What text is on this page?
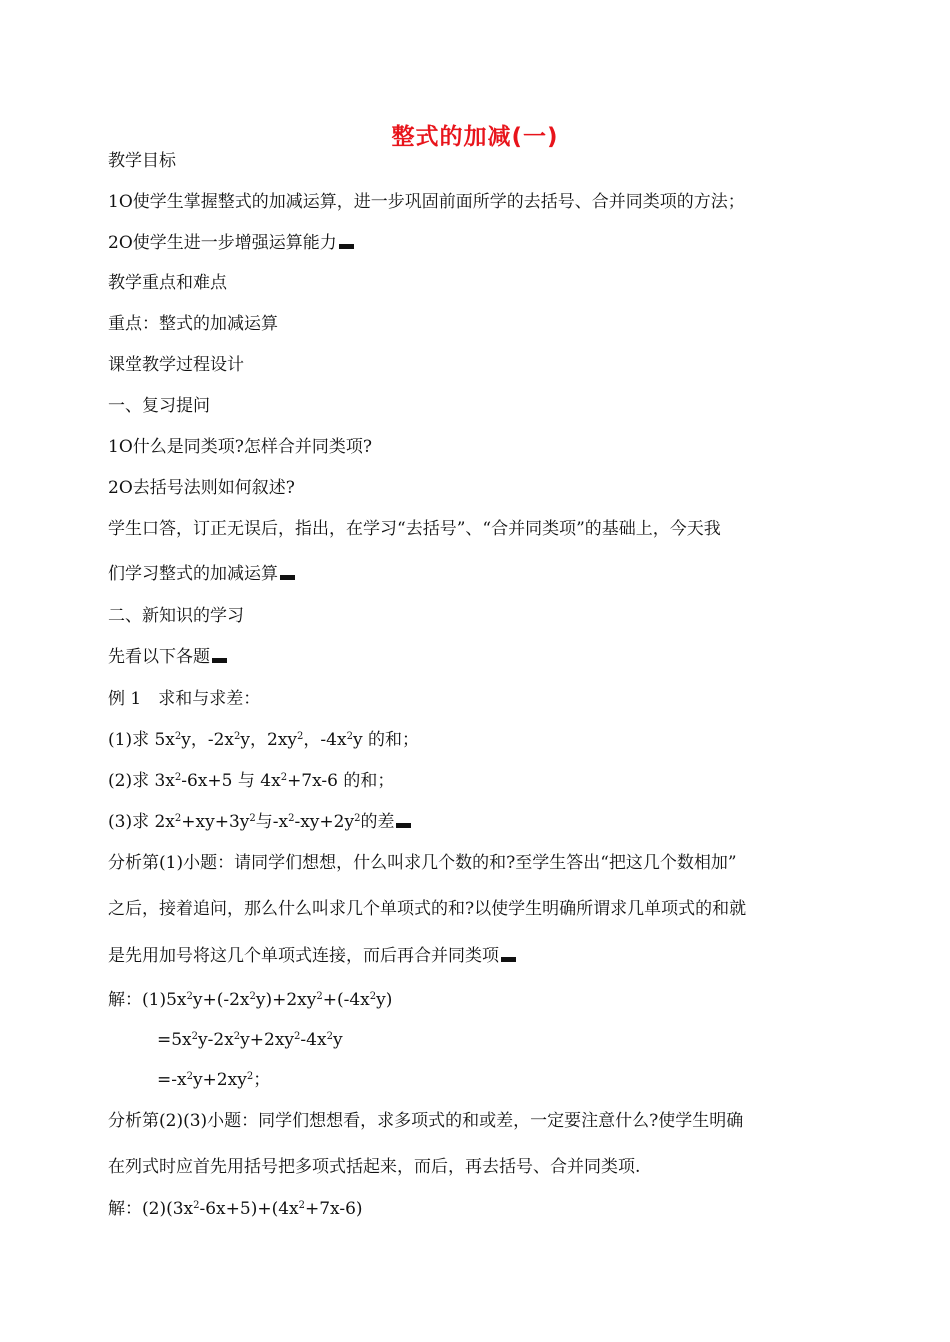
整式的加减(一)
教学目标
1O使学生掌握整式的加减运算，进一步巩固前面所学的去括号、合并同类项的方法；
2O使学生进一步增强运算能力
教学重点和难点
重点：整式的加减运算
课堂教学过程设计
一、复习提问
1O什么是同类项?怎样合并同类项?
2O去括号法则如何叙述?
学生口答，订正无误后，指出，在学习“去括号”、“合并同类项”的基础上，今天我
们学习整式的加减运算
二、新知识的学习
先看以下各题
例 1　求和与求差：
(1)求 $5x^2y$，$-2x^2y$，$2xy^2$，$-4x^2y$ 的和；
(2)求 $3x^2-6x+5$ 与 $4x^2+7x-6$ 的和；
(3)求 $2x^2+xy+3y^2$与$-x^2-xy+2y^2$的差
分析第(1)小题：请同学们想想，什么叫求几个数的和?至学生答出“把这几个数相加”
之后，接着追问，那么什么叫求几个单项式的和?以使学生明确所谓求几单项式的和就
是先用加号将这几个单项式连接，而后再合并同类项
解：$(1)5x^2y+(-2x^2y)+2xy^2+(-4x^2y)$
$=5x^2y-2x^2y+2xy^2-4x^2y$
$=-x^2y+2xy^2$；
分析第(2)(3)小题：同学们想想看，求多项式的和或差，一定要注意什么?使学生明确
在列式时应首先用括号把多项式括起来，而后，再去括号、合并同类项.
解：$(2)(3x^2-6x+5)+(4x^2+7x-6)$
